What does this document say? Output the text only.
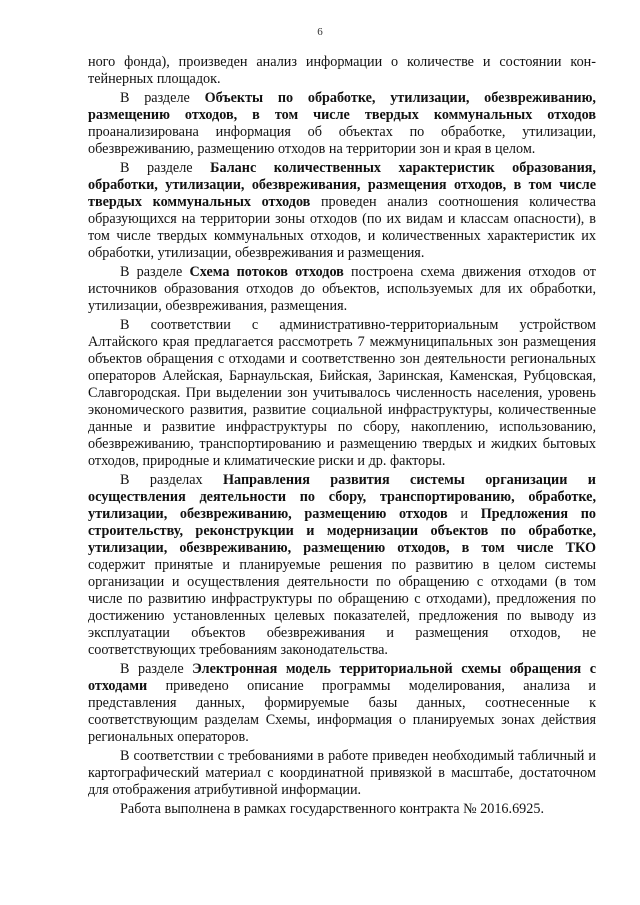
6

ного фонда), произведен анализ информации о количестве и состоянии кон-тейнерных площадок.

В разделе Объекты по обработке, утилизации, обезвреживанию, размещению отходов, в том числе твердых коммунальных отходов проанализирована информация об объектах по обработке, утилизации, обезвреживанию, размещению отходов на территории зон и края в целом.

В разделе Баланс количественных характеристик образования, обработки, утилизации, обезвреживания, размещения отходов, в том числе твердых коммунальных отходов проведен анализ соотношения количества образующихся на территории зоны отходов (по их видам и классам опасности), в том числе твердых коммунальных отходов, и количественных характеристик их обработки, утилизации, обезвреживания и размещения.

В разделе Схема потоков отходов построена схема движения отходов от источников образования отходов до объектов, используемых для их обработки, утилизации, обезвреживания, размещения.

В соответствии с административно-территориальным устройством Алтайского края предлагается рассмотреть 7 межмуниципальных зон размещения объектов обращения с отходами и соответственно зон деятельности региональных операторов Алейская, Барнаульская, Бийская, Заринская, Каменская, Рубцовская, Славгородская. При выделении зон учитывалось численность населения, уровень экономического развития, развитие социальной инфраструктуры, количественные данные и развитие инфраструктуры по сбору, накоплению, использованию, обезвреживанию, транспортированию и размещению твердых и жидких бытовых отходов, природные и климатические риски и др. факторы.

В разделах Направления развития системы организации и осуществления деятельности по сбору, транспортированию, обработке, утилизации, обезвреживанию, размещению отходов и Предложения по строительству, реконструкции и модернизации объектов по обработке, утилизации, обезвреживанию, размещению отходов, в том числе ТКО содержит принятые и планируемые решения по развитию в целом системы организации и осуществления деятельности по обращению с отходами (в том числе по развитию инфраструктуры по обращению с отходами), предложения по достижению установленных целевых показателей, предложения по выводу из эксплуатации объектов обезвреживания и размещения отходов, не соответствующих требованиям законодательства.

В разделе Электронная модель территориальной схемы обращения с отходами приведено описание программы моделирования, анализа и представления данных, формируемые базы данных, соотнесенные к соответствующим разделам Схемы, информация о планируемых зонах действия региональных операторов.

В соответствии с требованиями в работе приведен необходимый табличный и картографический материал с координатной привязкой в масштабе, достаточном для отображения атрибутивной информации.

Работа выполнена в рамках государственного контракта № 2016.6925.
